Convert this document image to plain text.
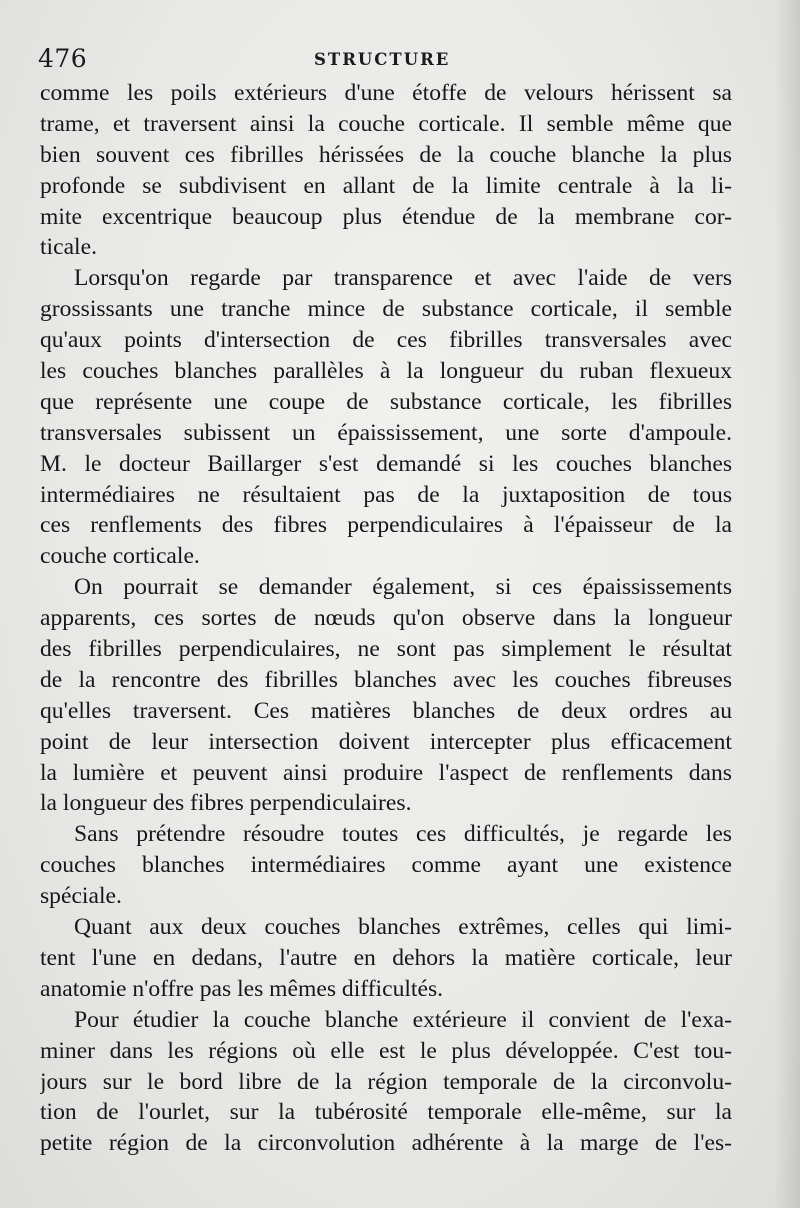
476	STRUCTURE
comme les poils extérieurs d'une étoffe de velours hérissent sa
trame, et traversent ainsi la couche corticale. Il semble même que
bien souvent ces fibrilles hérissées de la couche blanche la plus
profonde se subdivisent en allant de la limite centrale à la li-
mite excentrique beaucoup plus étendue de la membrane cor-
ticale.
Lorsqu'on regarde par transparence et avec l'aide de vers
grossissants une tranche mince de substance corticale, il semble
qu'aux points d'intersection de ces fibrilles transversales avec
les couches blanches parallèles à la longueur du ruban flexueux
que représente une coupe de substance corticale, les fibrilles
transversales subissent un épaississement, une sorte d'ampoule.
M. le docteur Baillarger s'est demandé si les couches blanches
intermédiaires ne résultaient pas de la juxtaposition de tous
ces renflements des fibres perpendiculaires à l'épaisseur de la
couche corticale.
On pourrait se demander également, si ces épaississements
apparents, ces sortes de nœuds qu'on observe dans la longueur
des fibrilles perpendiculaires, ne sont pas simplement le résultat
de la rencontre des fibrilles blanches avec les couches fibreuses
qu'elles traversent. Ces matières blanches de deux ordres au
point de leur intersection doivent intercepter plus efficacement
la lumière et peuvent ainsi produire l'aspect de renflements dans
la longueur des fibres perpendiculaires.
Sans prétendre résoudre toutes ces difficultés, je regarde les
couches blanches intermédiaires comme ayant une existence
spéciale.
Quant aux deux couches blanches extrêmes, celles qui limi-
tent l'une en dedans, l'autre en dehors la matière corticale, leur
anatomie n'offre pas les mêmes difficultés.
Pour étudier la couche blanche extérieure il convient de l'exa-
miner dans les régions où elle est le plus développée. C'est tou-
jours sur le bord libre de la région temporale de la circonvolu-
tion de l'ourlet, sur la tubérosité temporale elle-même, sur la
petite région de la circonvolution adhérente à la marge de l'es-
